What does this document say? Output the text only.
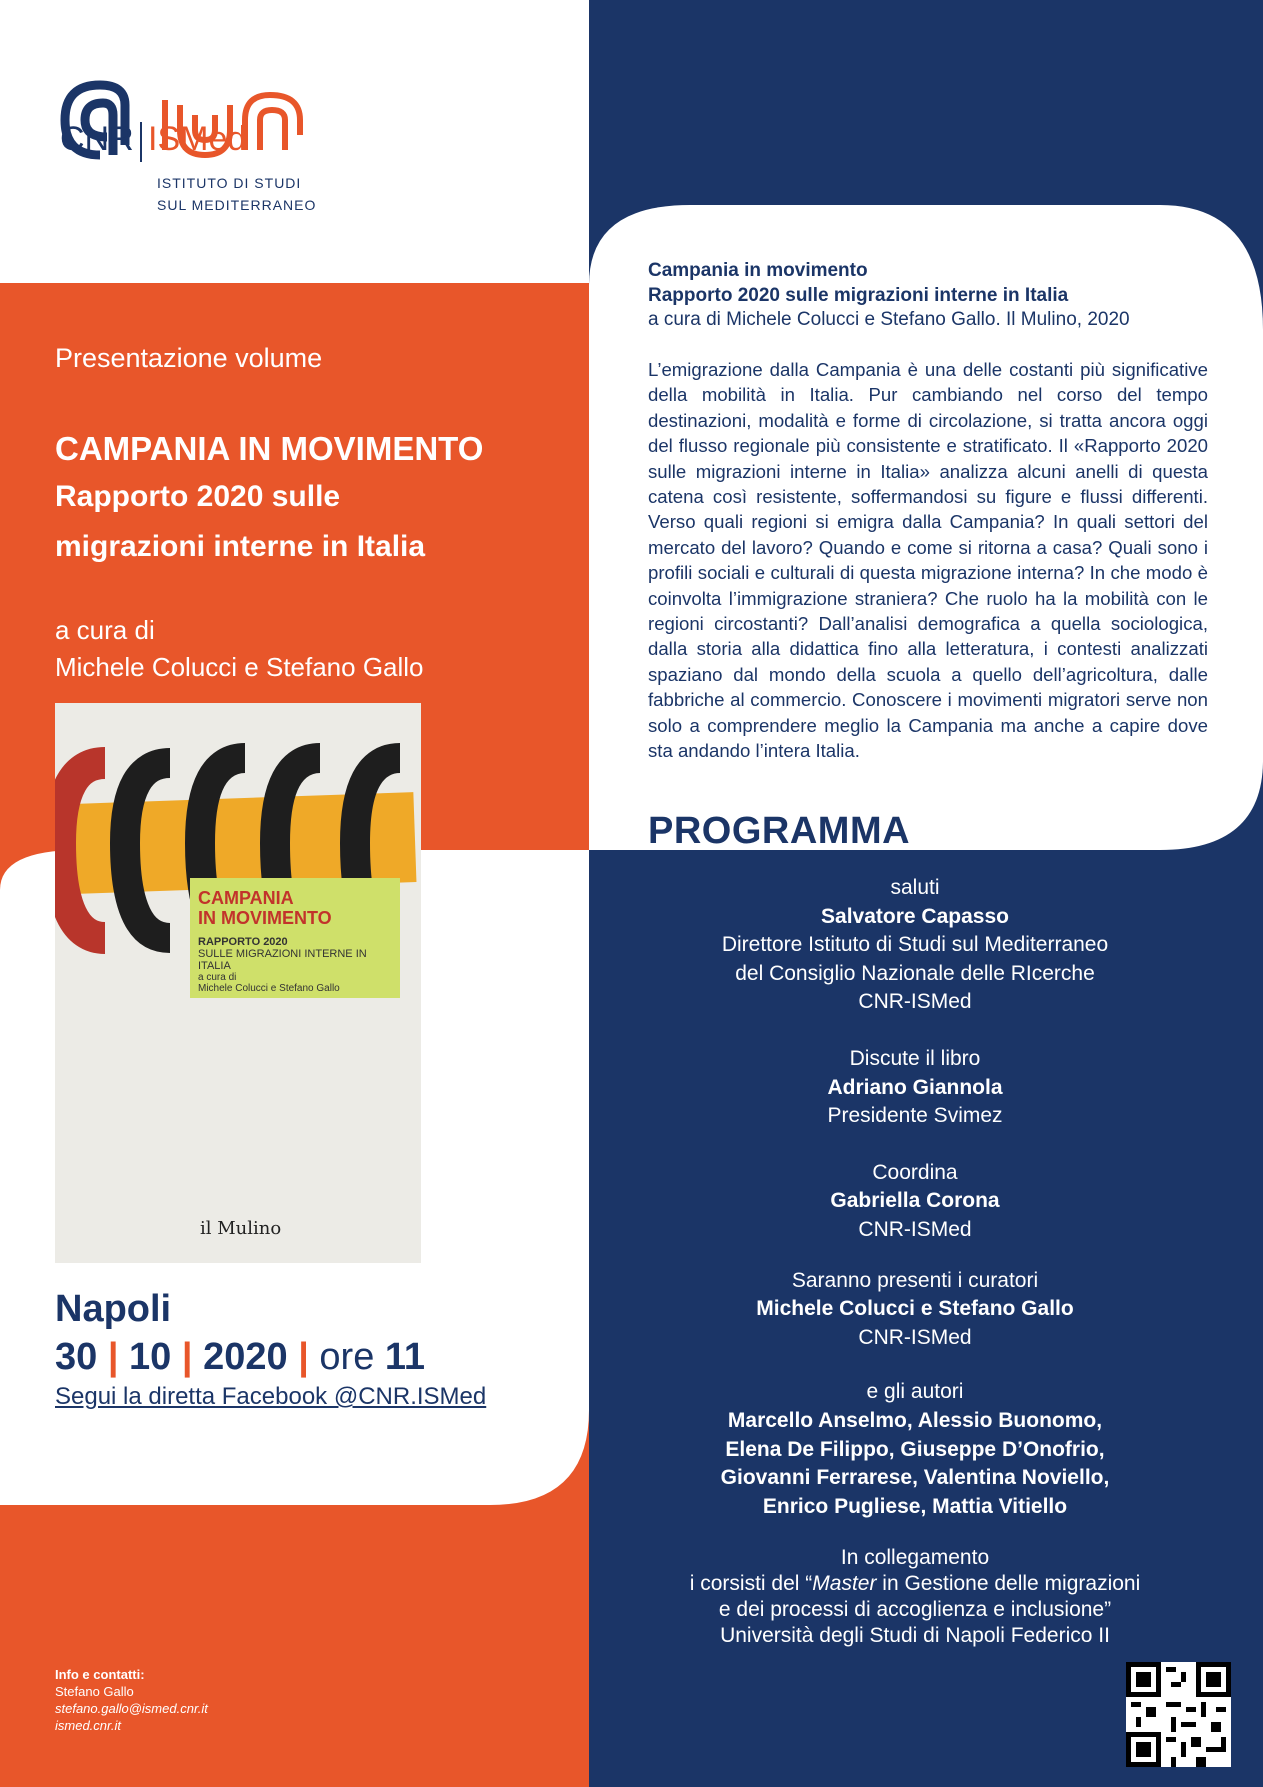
CNR ISMed
ISTITUTO DI STUDI
SUL MEDITERRANEO
Presentazione volume
CAMPANIA IN MOVIMENTO
Rapporto 2020 sulle migrazioni interne in Italia
a cura di
Michele Colucci e Stefano Gallo
CAMPANIA
IN MOVIMENTO
RAPPORTO 2020
SULLE MIGRAZIONI INTERNE IN ITALIA
a cura di
Michele Colucci e Stefano Gallo
il Mulino
Napoli
30 | 10 | 2020 | ore 11
Segui la diretta Facebook @CNR.ISMed
Info e contatti:
Stefano Gallo
stefano.gallo@ismed.cnr.it
ismed.cnr.it
Campania in movimento
Rapporto 2020 sulle migrazioni interne in Italia
a cura di Michele Colucci e Stefano Gallo. Il Mulino, 2020
L’emigrazione dalla Campania è una delle costanti più significative della mobilità in Italia. Pur cambiando nel corso del tempo destinazioni, modalità e forme di circolazione, si tratta ancora oggi del flusso regionale più consistente e stratificato. Il «Rapporto 2020 sulle migrazioni interne in Italia» analizza alcuni anelli di questa catena così resistente, soffermandosi su figure e flussi differenti. Verso quali regioni si emigra dalla Campania? In quali settori del mercato del lavoro? Quando e come si ritorna a casa? Quali sono i profili sociali e culturali di questa migrazione interna? In che modo è coinvolta l’immigrazione straniera? Che ruolo ha la mobilità con le regioni circostanti? Dall’analisi demografica a quella sociologica, dalla storia alla didattica fino alla letteratura, i contesti analizzati spaziano dal mondo della scuola a quello dell’agricoltura, dalle fabbriche al commercio. Conoscere i movimenti migratori serve non solo a comprendere meglio la Campania ma anche a capire dove sta andando l’intera Italia.
PROGRAMMA
saluti
Salvatore Capasso
Direttore Istituto di Studi sul Mediterraneo
del Consiglio Nazionale delle RIcerche
CNR-ISMed
Discute il libro
Adriano Giannola
Presidente Svimez
Coordina
Gabriella Corona
CNR-ISMed
Saranno presenti i curatori
Michele Colucci e Stefano Gallo
CNR-ISMed
e gli autori
Marcello Anselmo, Alessio Buonomo,
Elena De Filippo, Giuseppe D’Onofrio,
Giovanni Ferrarese, Valentina Noviello,
Enrico Pugliese, Mattia Vitiello
In collegamento
i corsisti del “Master in Gestione delle migrazioni
e dei processi di accoglienza e inclusione”
Università degli Studi di Napoli Federico II
